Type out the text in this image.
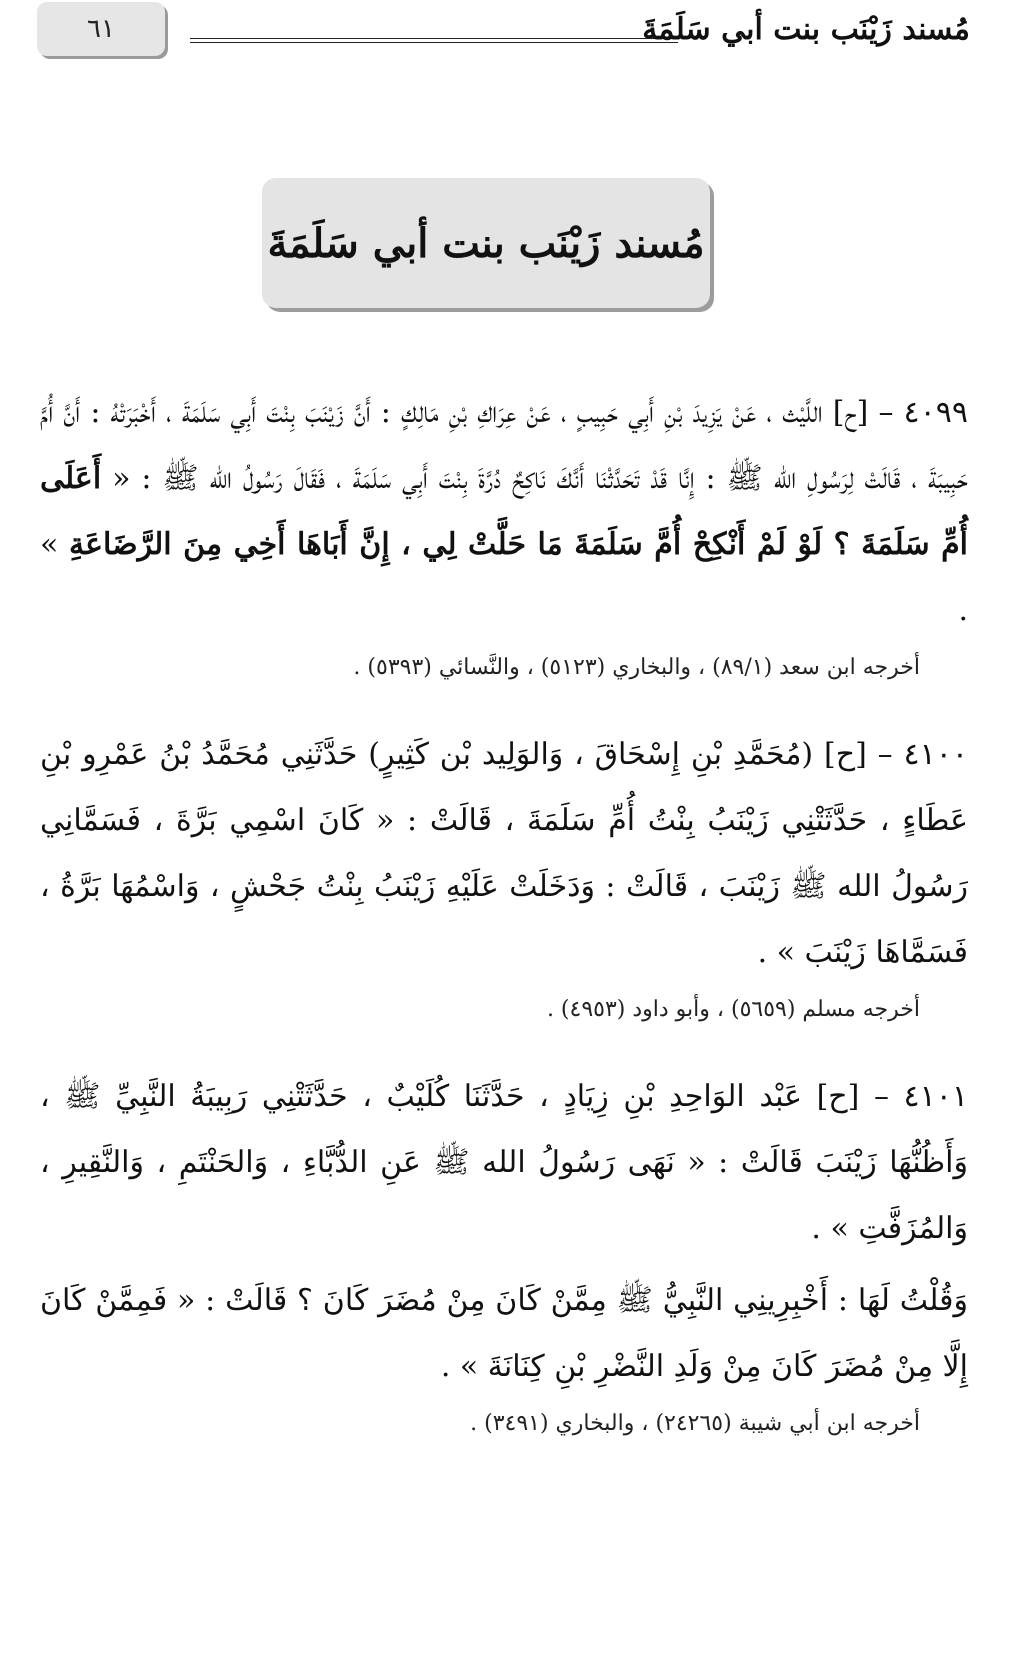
٦١	مُسند زَيْنَب بنت أبي سَلَمَةَ
مُسند زَيْنَب بنت أبي سَلَمَةَ

٤٠٩٩ – [ح] اللَّيْث ، عَنْ يَزِيدَ بْنِ أَبِي حَبِيبٍ ، عَنْ عِرَاكِ بْنِ مَالِكٍ : أَنَّ زَيْنَبَ بِنْتَ أَبِي سَلَمَةَ ، أَخْبَرَتْهُ : أَنَّ أُمَّ حَبِيبَةَ ، قَالَتْ لِرَسُولِ الله ﷺ : إِنَّا قَدْ تَحَدَّثْنَا أَنَّكَ نَاكِحٌ دُرَّةَ بِنْتَ أَبِي سَلَمَةَ ، فَقَالَ رَسُولُ الله ﷺ : « أَعَلَى أُمِّ سَلَمَةَ ؟ لَوْ لَمْ أَنْكِحْ أُمَّ سَلَمَةَ مَا حَلَّتْ لِي ، إِنَّ أَبَاهَا أَخِي مِنَ الرَّضَاعَةِ » .

أخرجه ابن سعد (٨٩/١) ، والبخاري (٥١٢٣) ، والنَّسائي (٥٣٩٣) .

٤١٠٠ – [ح] (مُحَمَّدِ بْنِ إِسْحَاقَ ، وَالوَلِيد بْن كَثِيرٍ) حَدَّثَنِي مُحَمَّدُ بْنُ عَمْرِو بْنِ عَطَاءٍ ، حَدَّثَتْنِي زَيْنَبُ بِنْتُ أُمِّ سَلَمَةَ ، قَالَتْ : « كَانَ اسْمِي بَرَّةَ ، فَسَمَّانِي رَسُولُ الله ﷺ زَيْنَبَ ، قَالَتْ : وَدَخَلَتْ عَلَيْهِ زَيْنَبُ بِنْتُ جَحْشٍ ، وَاسْمُهَا بَرَّةُ ، فَسَمَّاهَا زَيْنَبَ » .

أخرجه مسلم (٥٦٥٩) ، وأبو داود (٤٩٥٣) .

٤١٠١ – [ح] عَبْد الوَاحِدِ بْنِ زِيَادٍ ، حَدَّثَنَا كُلَيْبٌ ، حَدَّثَتْنِي رَبِيبَةُ النَّبِيِّ ﷺ ، وَأَظُنُّهَا زَيْنَبَ قَالَتْ : « نَهَى رَسُولُ الله ﷺ عَنِ الدُّبَّاءِ ، وَالحَنْتَمِ ، وَالنَّقِيرِ ، وَالمُزَفَّتِ » .

وَقُلْتُ لَهَا : أَخْبِرِينِي النَّبِيُّ ﷺ مِمَّنْ كَانَ مِنْ مُضَرَ كَانَ ؟ قَالَتْ : « فَمِمَّنْ كَانَ إِلَّا مِنْ مُضَرَ كَانَ مِنْ وَلَدِ النَّضْرِ بْنِ كِنَانَةَ » .

أخرجه ابن أبي شيبة (٢٤٢٦٥) ، والبخاري (٣٤٩١) .
